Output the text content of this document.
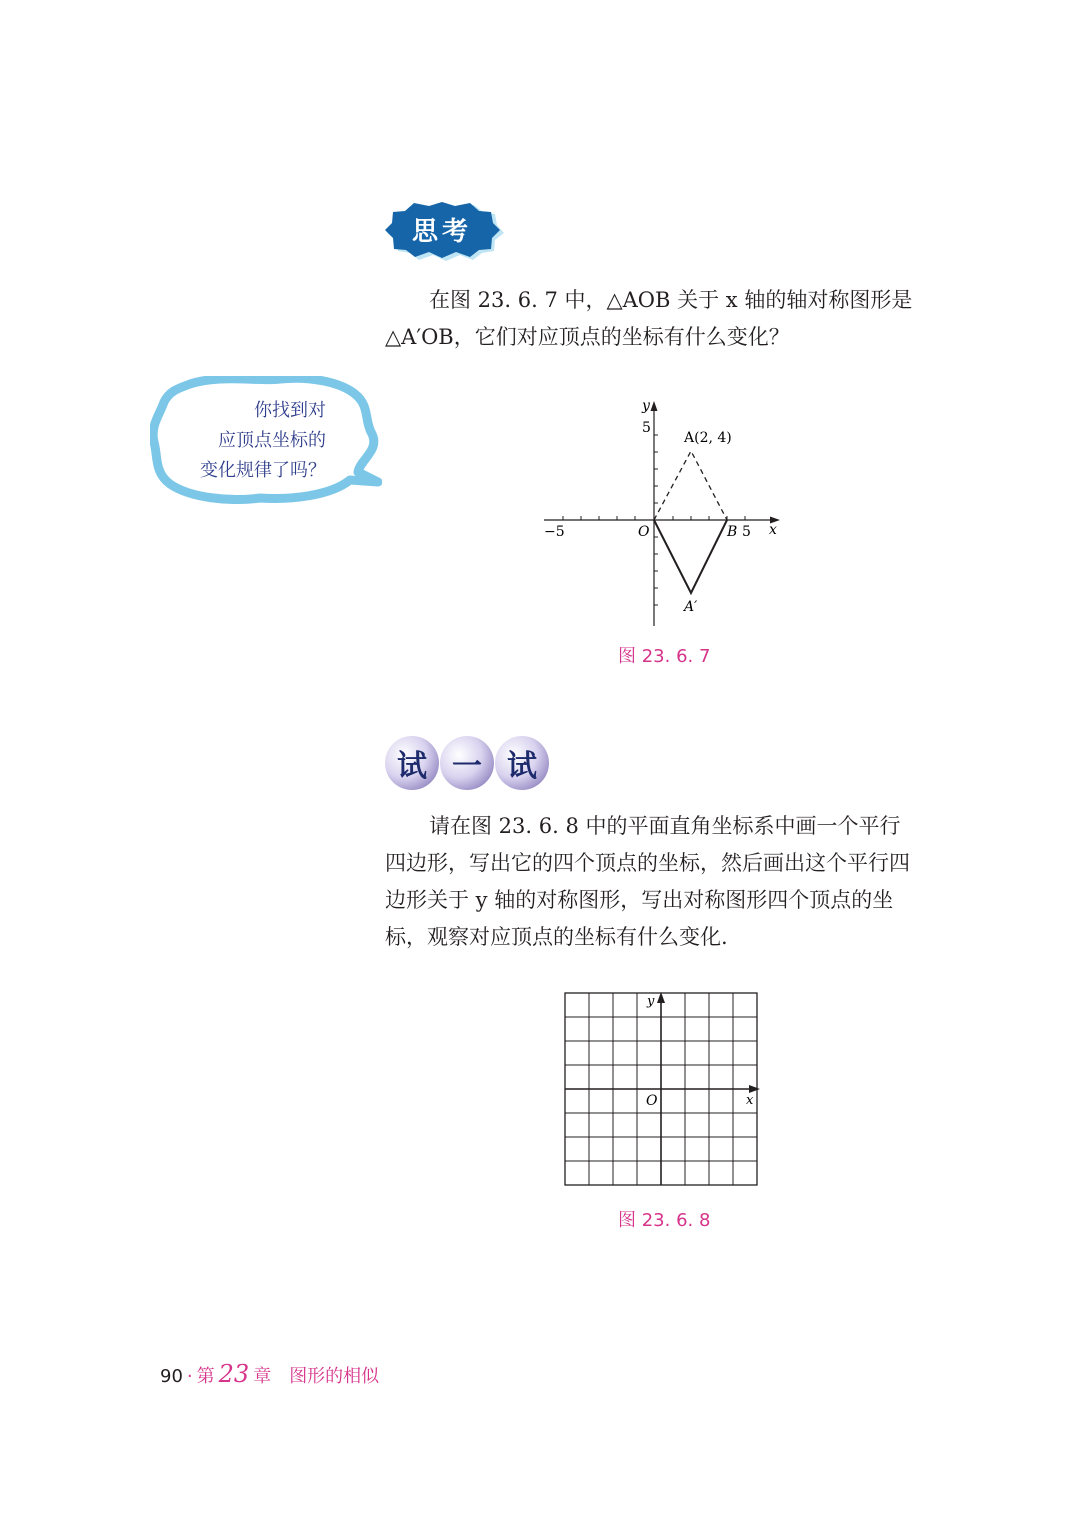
思考

在图 23. 6. 7 中，△AOB 关于 x 轴的轴对称图形是
△A′OB，它们对应顶点的坐标有什么变化？

你找到对
应顶点坐标的
变化规律了吗？
y
5
A(2, 4)
−5	O	B 5 x
A′
图 23. 6. 7
试 一 试

请在图 23. 6. 8 中的平面直角坐标系中画一个平行
四边形，写出它的四个顶点的坐标，然后画出这个平行四
边形关于 y 轴的对称图形，写出对称图形四个顶点的坐
标，观察对应顶点的坐标有什么变化.

y
O	x
图 23. 6. 8
90 · 第 23 章 图形的相似
